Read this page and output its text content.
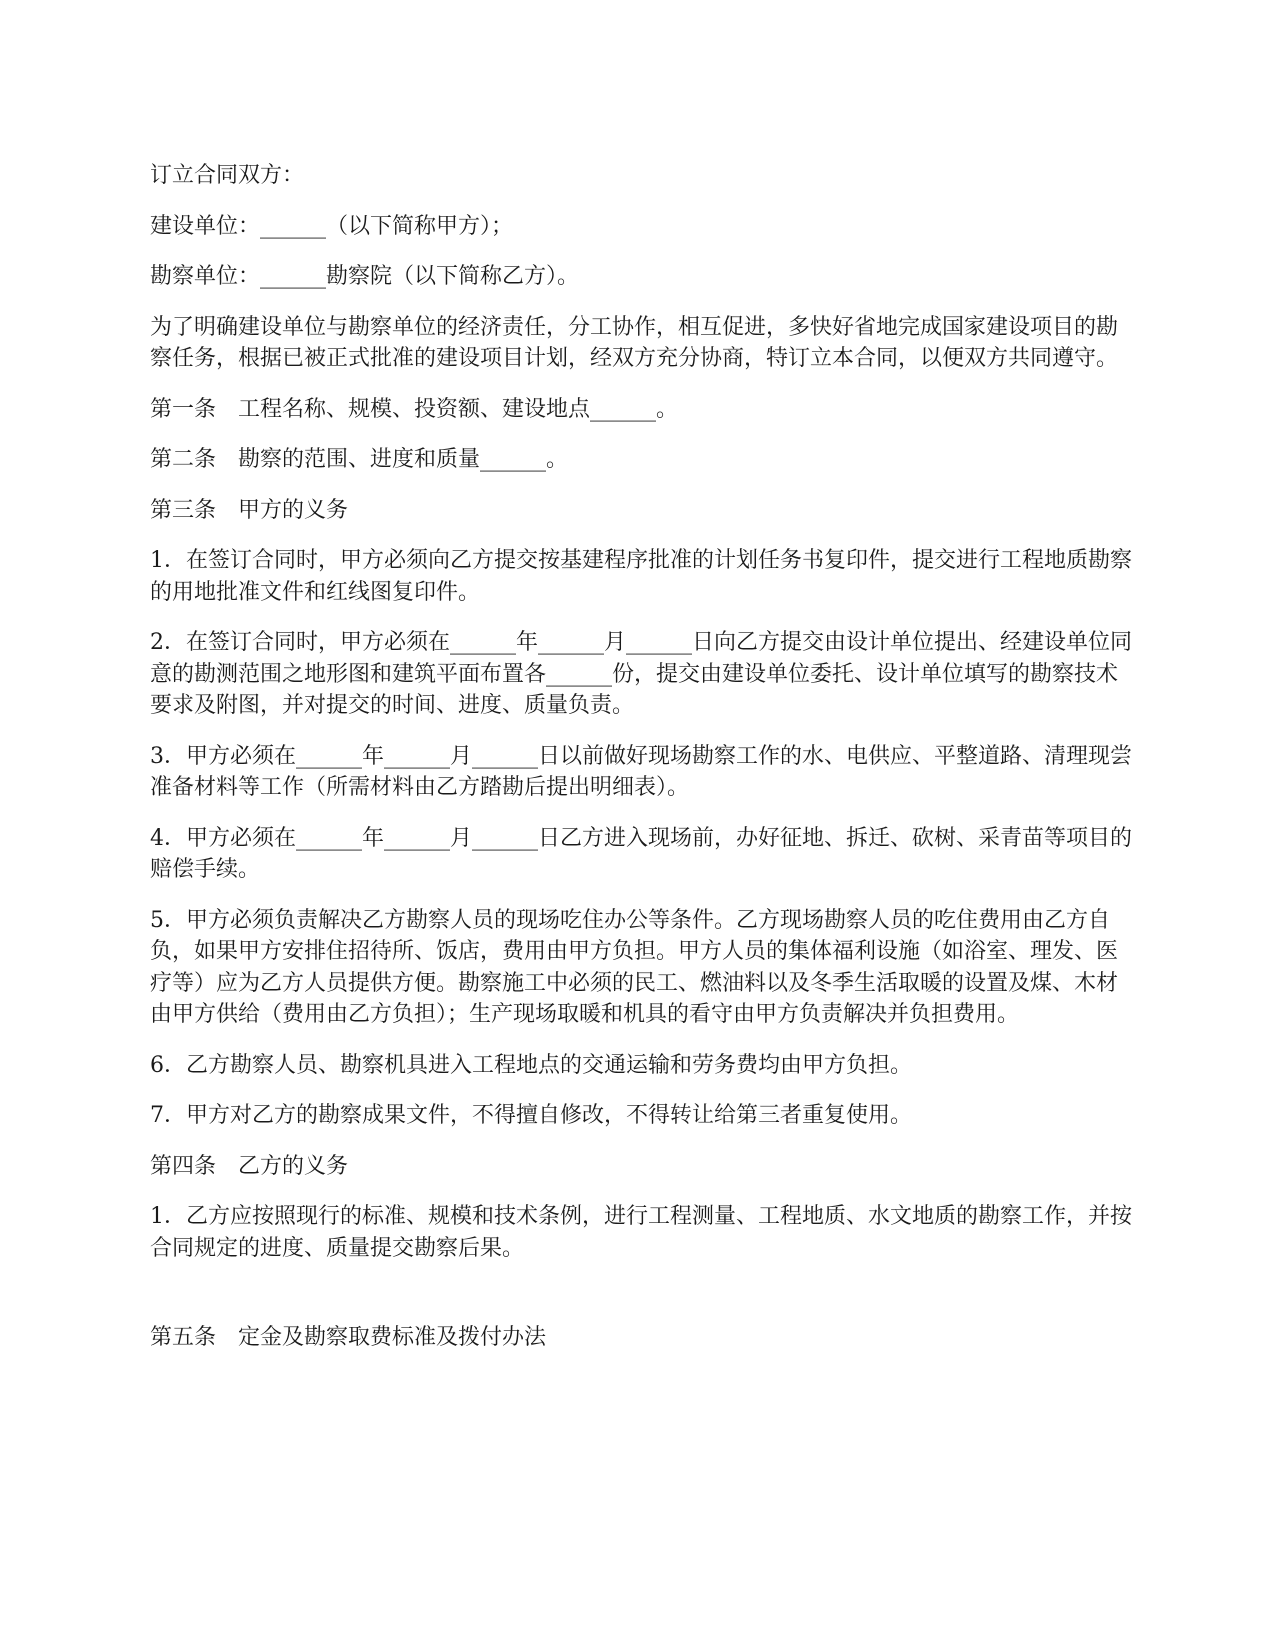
订立合同双方：

建设单位：______（以下简称甲方）；

勘察单位：______勘察院（以下简称乙方）。

为了明确建设单位与勘察单位的经济责任，分工协作，相互促进，多快好省地完成国家建设项目的勘察任务，根据已被正式批准的建设项目计划，经双方充分协商，特订立本合同，以便双方共同遵守。

第一条　工程名称、规模、投资额、建设地点______。

第二条　勘察的范围、进度和质量______。

第三条　甲方的义务

1．在签订合同时，甲方必须向乙方提交按基建程序批准的计划任务书复印件，提交进行工程地质勘察的用地批准文件和红线图复印件。

2．在签订合同时，甲方必须在______年______月______日向乙方提交由设计单位提出、经建设单位同意的勘测范围之地形图和建筑平面布置各______份，提交由建设单位委托、设计单位填写的勘察技术要求及附图，并对提交的时间、进度、质量负责。

3．甲方必须在______年______月______日以前做好现场勘察工作的水、电供应、平整道路、清理现尝准备材料等工作（所需材料由乙方踏勘后提出明细表）。

4．甲方必须在______年______月______日乙方进入现场前，办好征地、拆迁、砍树、采青苗等项目的赔偿手续。

5．甲方必须负责解决乙方勘察人员的现场吃住办公等条件。乙方现场勘察人员的吃住费用由乙方自负，如果甲方安排住招待所、饭店，费用由甲方负担。甲方人员的集体福利设施（如浴室、理发、医疗等）应为乙方人员提供方便。勘察施工中必须的民工、燃油料以及冬季生活取暖的设置及煤、木材由甲方供给（费用由乙方负担）；生产现场取暖和机具的看守由甲方负责解决并负担费用。

6．乙方勘察人员、勘察机具进入工程地点的交通运输和劳务费均由甲方负担。

7．甲方对乙方的勘察成果文件，不得擅自修改，不得转让给第三者重复使用。

第四条　乙方的义务

1．乙方应按照现行的标准、规模和技术条例，进行工程测量、工程地质、水文地质的勘察工作，并按合同规定的进度、质量提交勘察后果。

第五条　定金及勘察取费标准及拨付办法
